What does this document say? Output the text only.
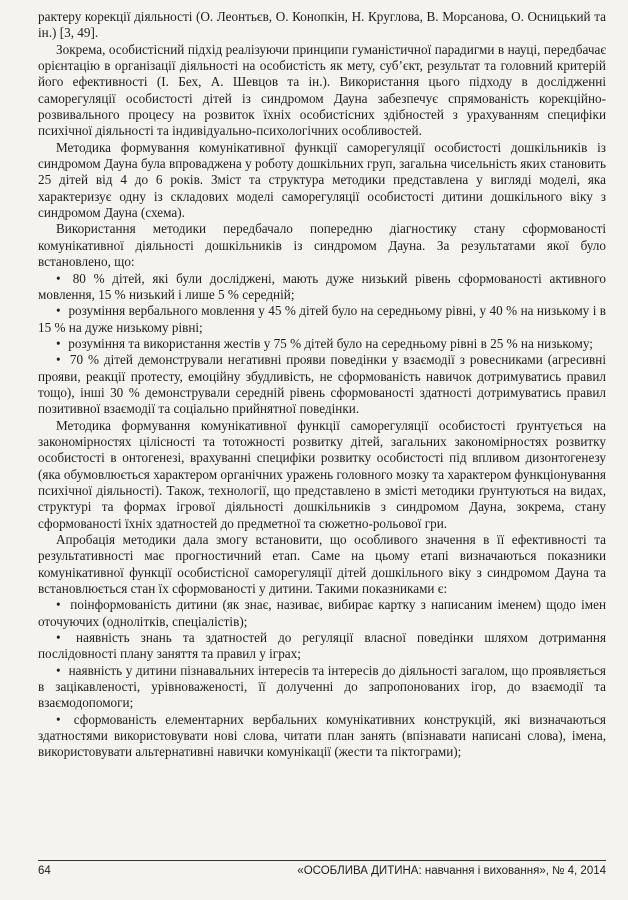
рактеру корекції діяльності (О. Леонтьєв, О. Конопкін, Н. Круглова, В. Морсанова, О. Осницький та ін.) [3, 49].

Зокрема, особистісний підхід реалізуючи принципи гуманістичної парадигми в науці, передбачає орієнтацію в організації діяльності на особистість як мету, суб’єкт, результат та головний критерій його ефективності (І. Бех, А. Шевцов та ін.). Використання цього підходу в дослідженні саморегуляції особистості дітей із синдромом Дауна забезпечує спрямованість корекційно-розвивального процесу на розвиток їхніх особистісних здібностей з урахуванням специфіки психічної діяльності та індивідуально-психологічних особливостей.

Методика формування комунікативної функції саморегуляції особистості дошкільників із синдромом Дауна була впроваджена у роботу дошкільних груп, загальна чисельність яких становить 25 дітей від 4 до 6 років. Зміст та структура методики представлена у вигляді моделі, яка характеризує одну із складових моделі саморегуляції особистості дитини дошкільного віку з синдромом Дауна (схема).

Використання методики передбачало попередню діагностику стану сформованості комунікативної діяльності дошкільників із синдромом Дауна. За результатами якої було встановлено, що:

• 80 % дітей, які були досліджені, мають дуже низький рівень сформованості активного мовлення, 15 % низький і лише 5 % середній;

• розуміння вербального мовлення у 45 % дітей було на середньому рівні, у 40 % на низькому і в 15 % на дуже низькому рівні;

• розуміння та використання жестів у 75 % дітей було на середньому рівні в 25 % на низькому;

• 70 % дітей демонстрували негативні прояви поведінки у взаємодії з ровесниками (агресивні прояви, реакції протесту, емоційну збудливість, не сформованість навичок дотримуватись правил тощо), інші 30 % демонстрували середній рівень сформованості здатності дотримуватись правил позитивної взаємодії та соціально прийнятної поведінки.

Методика формування комунікативної функції саморегуляції особистості ґрунтується на закономірностях цілісності та тотожності розвитку дітей, загальних закономірностях розвитку особистості в онтогенезі, врахуванні специфіки розвитку особистості під впливом дизонтогенезу (яка обумовлюється характером органічних уражень головного мозку та характером функціонування психічної діяльності). Також, технології, що представлено в змісті методики ґрунтуються на видах, структурі та формах ігрової діяльності дошкільників з синдромом Дауна, зокрема, стану сформованості їхніх здатностей до предметної та сюжетно-рольової гри.

Апробація методики дала змогу встановити, що особливого значення в її ефективності та результативності має прогностичний етап. Саме на цьому етапі визначаються показники комунікативної функції особистісної саморегуляції дітей дошкільного віку з синдромом Дауна та встановлюється стан їх сформованості у дитини. Такими показниками є:

• поінформованість дитини (як знає, називає, вибирає картку з написаним іменем) щодо імен оточуючих (однолітків, спеціалістів);

• наявність знань та здатностей до регуляції власної поведінки шляхом дотримання послідовності плану заняття та правил у іграх;

• наявність у дитини пізнавальних інтересів та інтересів до діяльності загалом, що проявляється в зацікавленості, урівноваженості, її долученні до запропонованих ігор, до взаємодії та взаємодопомоги;

• сформованість елементарних вербальних комунікативних конструкцій, які визначаються здатностями використовувати нові слова, читати план занять (впізнавати написані слова), імена, використовувати альтернативні навички комунікації (жести та піктограми);

64	«ОСОБЛИВА ДИТИНА: навчання і виховання», № 4, 2014
